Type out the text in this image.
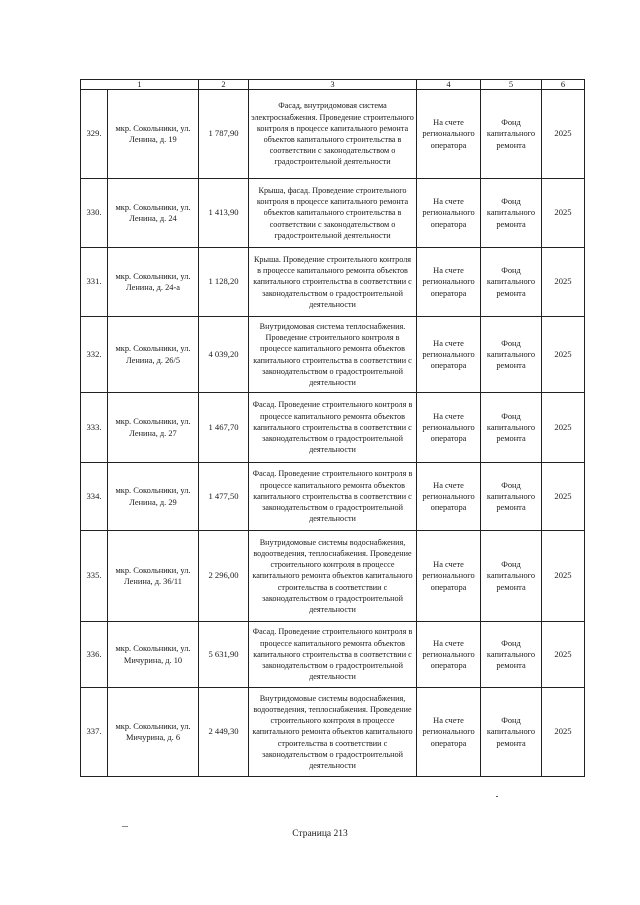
1		2	3	4	5	6
329.	мкр. Сокольники, ул. Ленина, д. 19	1 787,90	Фасад, внутридомовая система электроснабжения. Проведение строительного контроля в процессе капитального ремонта объектов капитального строительства в соответствии с законодательством о градостроительной деятельности	На счете регионального оператора	Фонд капитального ремонта	2025
330.	мкр. Сокольники, ул. Ленина, д. 24	1 413,90	Крыша, фасад. Проведение строительного контроля в процессе капитального ремонта объектов капитального строительства в соответствии с законодательством о градостроительной деятельности	На счете регионального оператора	Фонд капитального ремонта	2025
331.	мкр. Сокольники, ул. Ленина, д. 24-а	1 128,20	Крыша. Проведение строительного контроля в процессе капитального ремонта объектов капитального строительства в соответствии с законодательством о градостроительной деятельности	На счете регионального оператора	Фонд капитального ремонта	2025
332.	мкр. Сокольники, ул. Ленина, д. 26/5	4 039,20	Внутридомовая система теплоснабжения. Проведение строительного контроля в процессе капитального ремонта объектов капитального строительства в соответствии с законодательством о градостроительной деятельности	На счете регионального оператора	Фонд капитального ремонта	2025
333.	мкр. Сокольники, ул. Ленина, д. 27	1 467,70	Фасад. Проведение строительного контроля в процессе капитального ремонта объектов капитального строительства в соответствии с законодательством о градостроительной деятельности	На счете регионального оператора	Фонд капитального ремонта	2025
334.	мкр. Сокольники, ул. Ленина, д. 29	1 477,50	Фасад. Проведение строительного контроля в процессе капитального ремонта объектов капитального строительства в соответствии с законодательством о градостроительной деятельности	На счете регионального оператора	Фонд капитального ремонта	2025
335.	мкр. Сокольники, ул. Ленина, д. 36/11	2 296,00	Внутридомовые системы водоснабжения, водоотведения, теплоснабжения. Проведение строительного контроля в процессе капитального ремонта объектов капитального строительства в соответствии с законодательством о градостроительной деятельности	На счете регионального оператора	Фонд капитального ремонта	2025
336.	мкр. Сокольники, ул. Мичурина, д. 10	5 631,90	Фасад. Проведение строительного контроля в процессе капитального ремонта объектов капитального строительства в соответствии с законодательством о градостроительной деятельности	На счете регионального оператора	Фонд капитального ремонта	2025
337.	мкр. Сокольники, ул. Мичурина, д. 6	2 449,30	Внутридомовые системы водоснабжения, водоотведения, теплоснабжения. Проведение строительного контроля в процессе капитального ремонта объектов капитального строительства в соответствии с законодательством о градостроительной деятельности	На счете регионального оператора	Фонд капитального ремонта	2025
Страница 213
